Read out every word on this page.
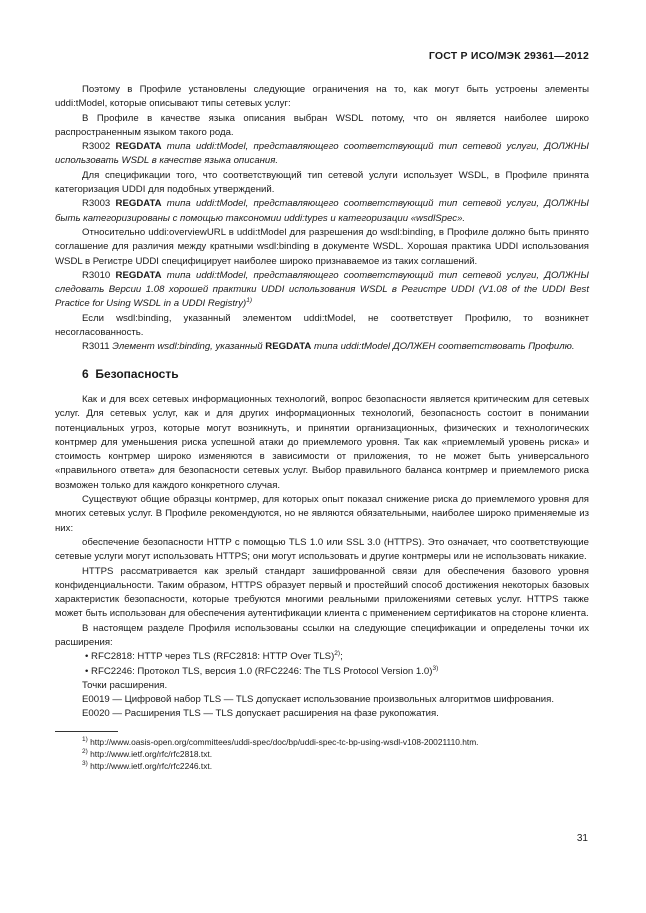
ГОСТ Р ИСО/МЭК 29361—2012

Поэтому в Профиле установлены следующие ограничения на то, как могут быть устроены элементы uddi:tModel, которые описывают типы сетевых услуг:

В Профиле в качестве языка описания выбран WSDL потому, что он является наиболее широко распространенным языком такого рода.

R3002 REGDATA типа uddi:tModel, представляющего соответствующий тип сетевой услуги, ДОЛЖНЫ использовать WSDL в качестве языка описания.

Для спецификации того, что соответствующий тип сетевой услуги использует WSDL, в Профиле принята категоризация UDDI для подобных утверждений.

R3003 REGDATA типа uddi:tModel, представляющего соответствующий тип сетевой услуги, ДОЛЖНЫ быть категоризированы с помощью таксономии uddi:types и категоризации «wsdlSpec».

Относительно uddi:overviewURL в uddi:tModel для разрешения до wsdl:binding, в Профиле должно быть принято соглашение для различия между кратными wsdl:binding в документе WSDL. Хорошая практика UDDI использования WSDL в Регистре UDDI специфицирует наиболее широко признаваемое из таких соглашений.

R3010 REGDATA типа uddi:tModel, представляющего соответствующий тип сетевой услуги, ДОЛЖНЫ следовать Версии 1.08 хорошей практики UDDI использования WSDL в Регистре UDDI (V1.08 of the UDDI Best Practice for Using WSDL in a UDDI Registry)$^{1)}$

Если wsdl:binding, указанный элементом uddi:tModel, не соответствует Профилю, то возникнет несогласованность.

R3011 Элемент wsdl:binding, указанный REGDATA типа uddi:tModel ДОЛЖЕН соответствовать Профилю.

6 Безопасность

Как и для всех сетевых информационных технологий, вопрос безопасности является критическим для сетевых услуг. Для сетевых услуг, как и для других информационных технологий, безопасность состоит в понимании потенциальных угроз, которые могут возникнуть, и принятии организационных, физических и технологических контрмер для уменьшения риска успешной атаки до приемлемого уровня. Так как «приемлемый уровень риска» и стоимость контрмер широко изменяются в зависимости от приложения, то не может быть универсального «правильного ответа» для безопасности сетевых услуг. Выбор правильного баланса контрмер и приемлемого риска возможен только для каждого конкретного случая.

Существуют общие образцы контрмер, для которых опыт показал снижение риска до приемлемого уровня для многих сетевых услуг. В Профиле рекомендуются, но не являются обязательными, наиболее широко применяемые из них:

обеспечение безопасности HTTP с помощью TLS 1.0 или SSL 3.0 (HTTPS). Это означает, что соответствующие сетевые услуги могут использовать HTTPS; они могут использовать и другие контрмеры или не использовать никакие.

HTTPS рассматривается как зрелый стандарт зашифрованной связи для обеспечения базового уровня конфиденциальности. Таким образом, HTTPS образует первый и простейший способ достижения некоторых базовых характеристик безопасности, которые требуются многими реальными приложениями сетевых услуг. HTTPS также может быть использован для обеспечения аутентификации клиента с применением сертификатов на стороне клиента.

В настоящем разделе Профиля использованы ссылки на следующие спецификации и определены точки их расширения:

• RFC2818: HTTP через TLS (RFC2818: HTTP Over TLS)$^{2)}$;

• RFC2246: Протокол TLS, версия 1.0 (RFC2246: The TLS Protocol Version 1.0)$^{3)}$

Точки расширения.

E0019 — Цифровой набор TLS — TLS допускает использование произвольных алгоритмов шифрования.

E0020 — Расширения TLS — TLS допускает расширения на фазе рукопожатия.

$^{1)}$ http://www.oasis-open.org/committees/uddi-spec/doc/bp/uddi-spec-tc-bp-using-wsdl-v108-20021110.htm.

$^{2)}$ http://www.ietf.org/rfc/rfc2818.txt.

$^{3)}$ http://www.ietf.org/rfc/rfc2246.txt.

31
